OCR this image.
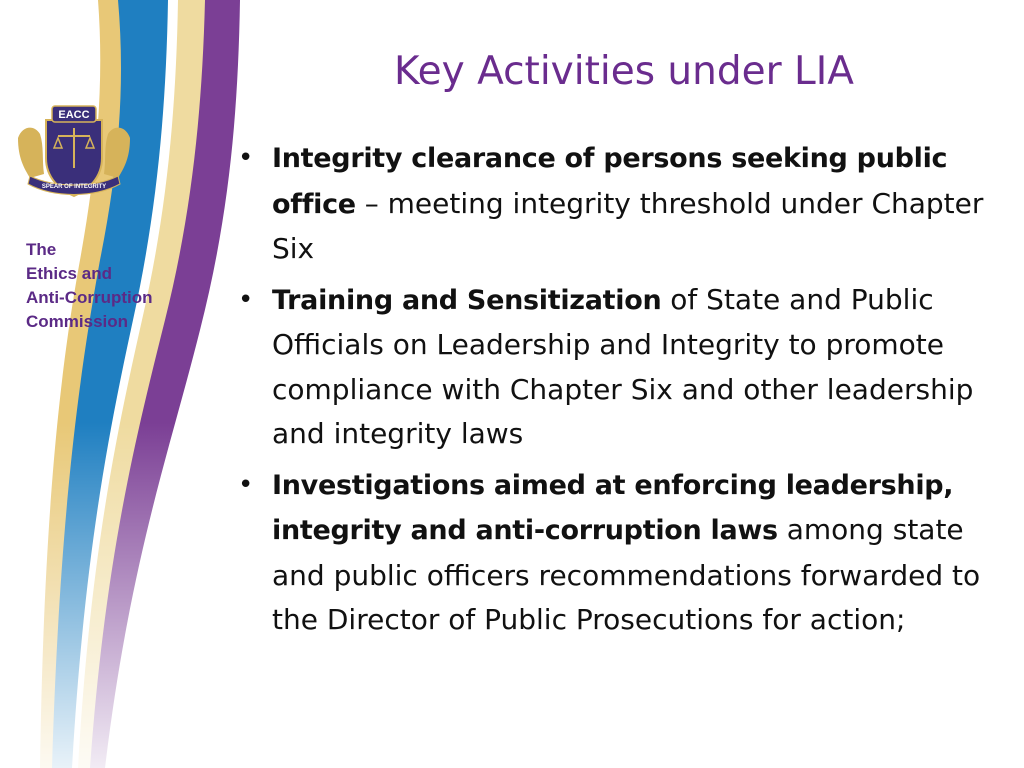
EACC
SPEAR OF INTEGRITY
The
Ethics and
Anti-Corruption
Commission
Key Activities under LIA
• Integrity clearance of persons seeking public office – meeting integrity threshold under Chapter Six
• Training and Sensitization of State and Public Officials on Leadership and Integrity to promote compliance with Chapter Six and other leadership and integrity laws
• Investigations aimed at enforcing leadership, integrity and anti-corruption laws among state and public officers recommendations forwarded to the Director of Public Prosecutions for action;
